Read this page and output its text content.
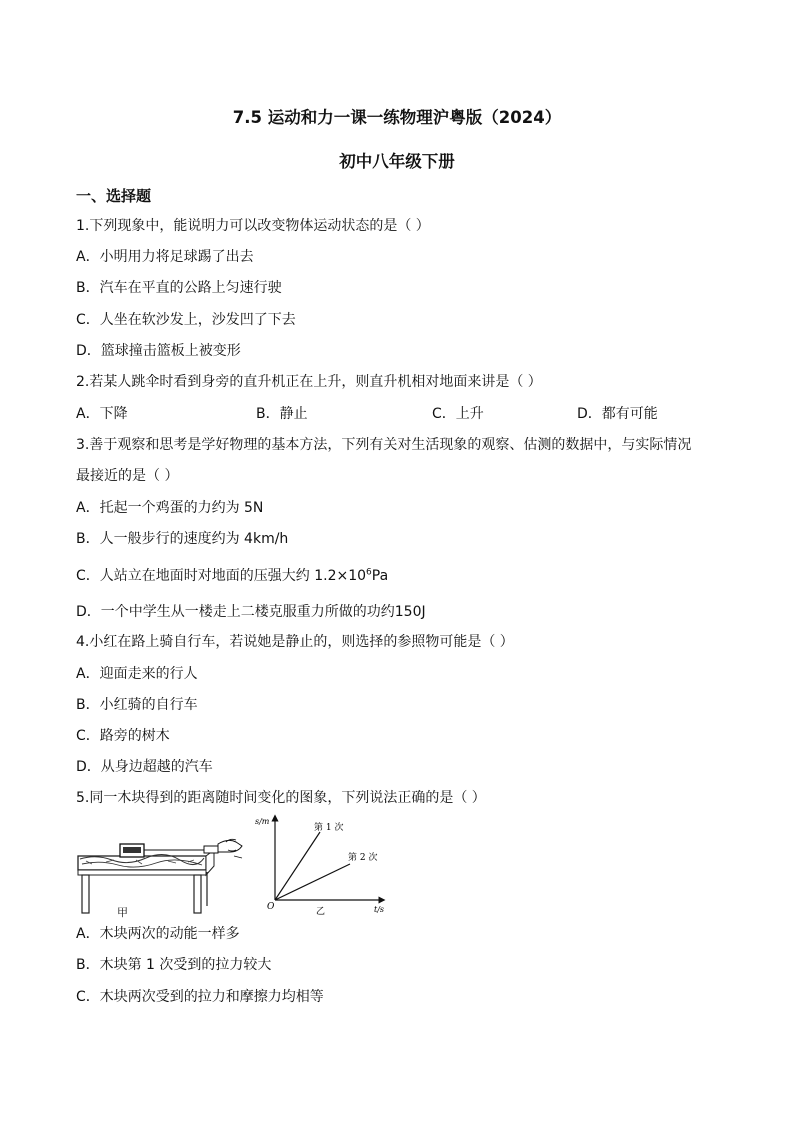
7.5 运动和力一课一练物理沪粤版（2024）
初中八年级下册
一、选择题
1.下列现象中，能说明力可以改变物体运动状态的是（ ）
A．小明用力将足球踢了出去
B．汽车在平直的公路上匀速行驶
C．人坐在软沙发上，沙发凹了下去
D．篮球撞击篮板上被变形
2.若某人跳伞时看到身旁的直升机正在上升，则直升机相对地面来讲是（ ）
A．下降	B．静止	C．上升	D．都有可能
3.善于观察和思考是学好物理的基本方法，下列有关对生活现象的观察、估测的数据中，与实际情况
最接近的是（ ）
A．托起一个鸡蛋的力约为 5N
B．人一般步行的速度约为 4km/h
C．人站立在地面时对地面的压强大约 $1.2\times 10^6Pa$
D．一个中学生从一楼走上二楼克服重力所做的功约150J
4.小红在路上骑自行车，若说她是静止的，则选择的参照物可能是（ ）
A．迎面走来的行人
B．小红骑的自行车
C．路旁的树木
D．从身边超越的汽车
5.同一木块得到的距离随时间变化的图象，下列说法正确的是（ ）
甲
s/m
t/s
O
第 1 次
第 2 次
乙
A．木块两次的动能一样多
B．木块第 1 次受到的拉力较大
C．木块两次受到的拉力和摩擦力均相等
